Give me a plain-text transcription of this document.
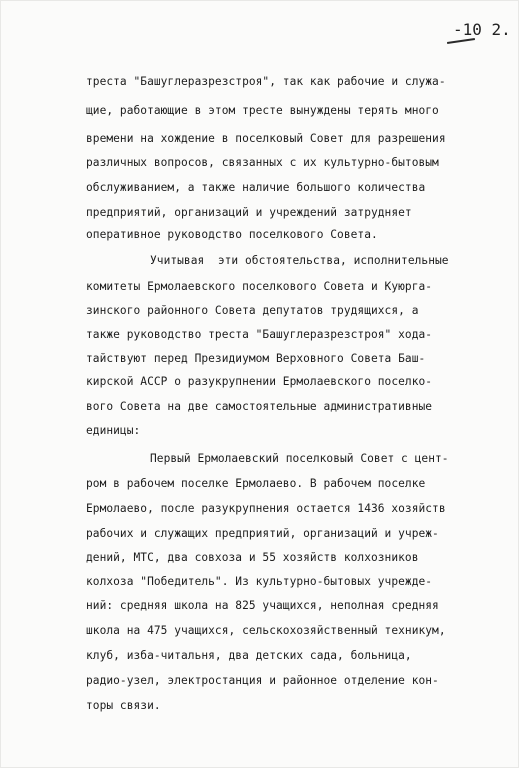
-10 2.
треста "Башуглеразрезстроя", так как рабочие и служа-
щие, работающие в этом тресте вынуждены терять много
времени на хождение в поселковый Совет для разрешения
различных вопросов, связанных с их культурно-бытовым
обслуживанием, а также наличие большого количества
предприятий, организаций и учреждений затрудняет
оперативное руководство поселкового Совета.
Учитывая  эти обстоятельства, исполнительные
комитеты Ермолаевского поселкового Совета и Куюрга-
зинского районного Совета депутатов трудящихся, а
также руководство треста "Башуглеразрезстроя" хода-
тайствуют перед Президиумом Верховного Совета Баш-
кирской АССР о разукрупнении Ермолаевского поселко-
вого Совета на две самостоятельные административные
единицы:
Первый Ермолаевский поселковый Совет с цент-
ром в рабочем поселке Ермолаево. В рабочем поселке
Ермолаево, после разукрупнения остается 1436 хозяйств
рабочих и служащих предприятий, организаций и учреж-
дений, МТС, два совхоза и 55 хозяйств колхозников
колхоза "Победитель". Из культурно-бытовых учрежде-
ний: средняя школа на 825 учащихся, неполная средняя
школа на 475 учащихся, сельскохозяйственный техникум,
клуб, изба-читальня, два детских сада, больница,
радио-узел, электростанция и районное отделение кон-
торы связи.
